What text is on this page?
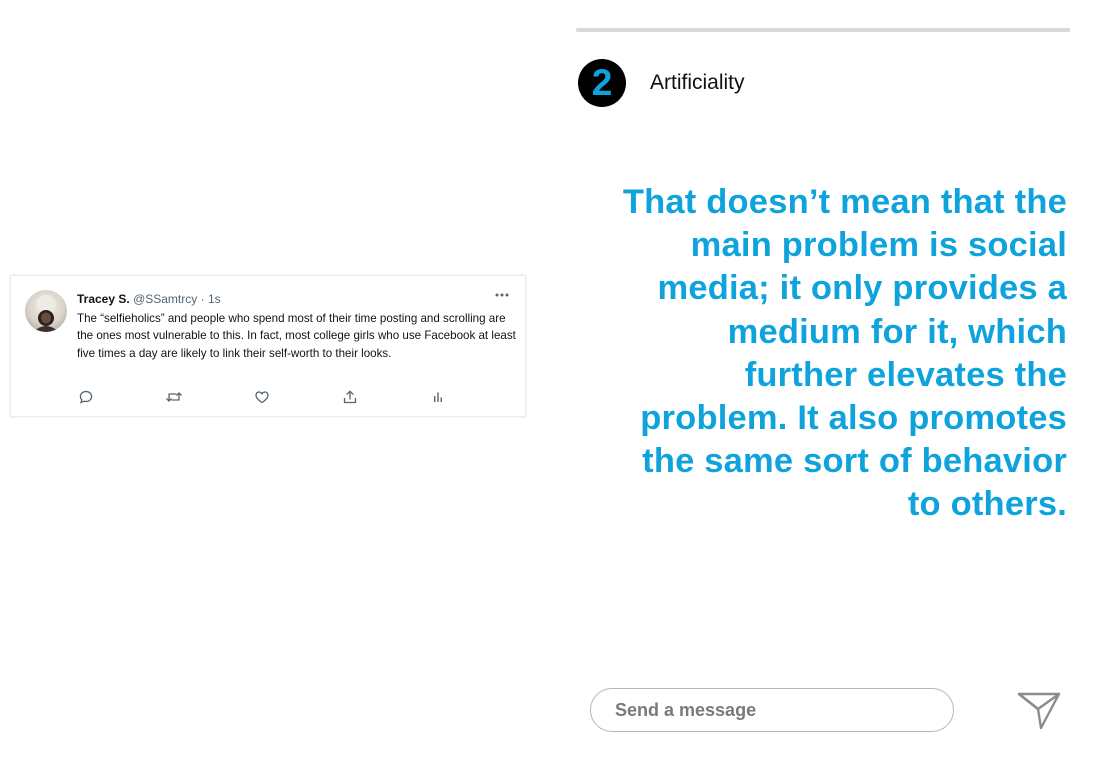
Tracey S. @SSamtrcy · 1s
The “selfieholics” and people who spend most of their time posting and scrolling are the ones most vulnerable to this. In fact, most college girls who use Facebook at least five times a day are likely to link their self-worth to their looks.
2	Artificiality
That doesn’t mean that the main problem is social media; it only provides a medium for it, which further elevates the problem. It also promotes the same sort of behavior to others.
Send a message
